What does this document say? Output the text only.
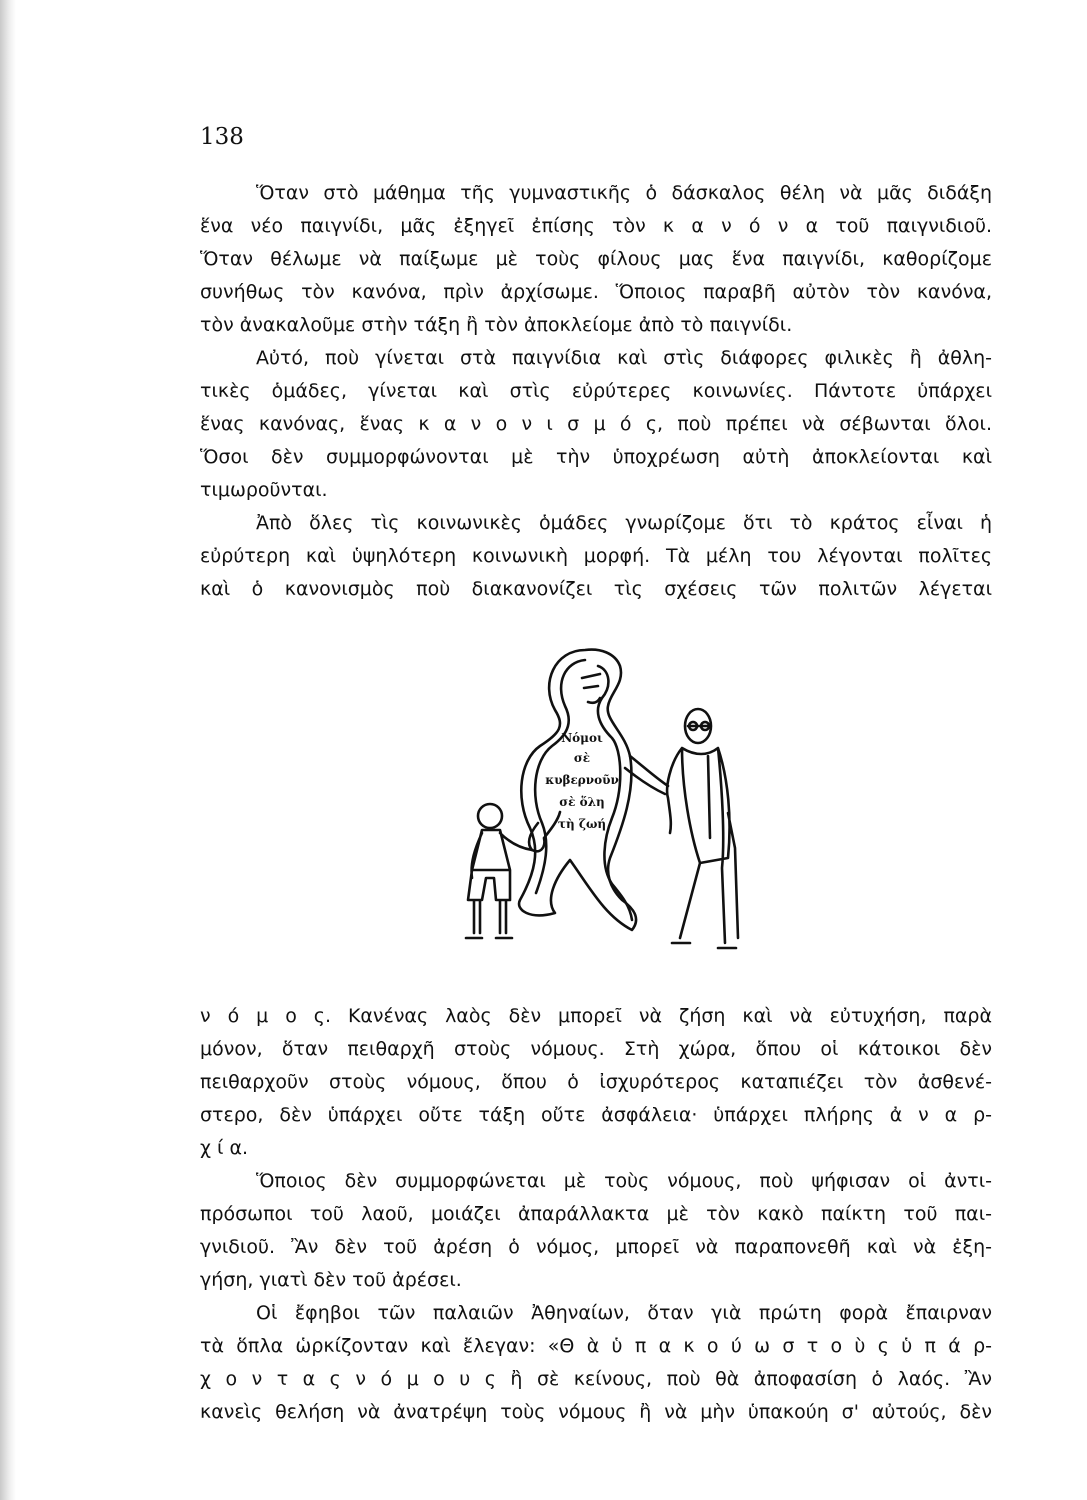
138
Ὅταν στὸ μάθημα τῆς γυμναστικῆς ὁ δάσκαλος θέλη νὰ μᾶς διδάξη
ἕνα νέο παιγνίδι, μᾶς ἐξηγεῖ ἐπίσης τὸν κ α ν ό ν α τοῦ παιγνιδιοῦ.
Ὅταν θέλωμε νὰ παίξωμε μὲ τοὺς φίλους μας ἕνα παιγνίδι, καθορίζομε
συνήθως τὸν κανόνα, πρὶν ἀρχίσωμε. Ὅποιος παραβῆ αὐτὸν τὸν κανόνα,
τὸν ἀνακαλοῦμε στὴν τάξη ἢ τὸν ἀποκλείομε ἀπὸ τὸ παιγνίδι.
Αὐτό, ποὺ γίνεται στὰ παιγνίδια καὶ στὶς διάφορες φιλικὲς ἢ ἀθλη-
τικὲς ὁμάδες, γίνεται καὶ στὶς εὐρύτερες κοινωνίες. Πάντοτε ὑπάρχει
ἕνας κανόνας, ἕνας κ α ν ο ν ι σ μ ό ς, ποὺ πρέπει νὰ σέβωνται ὅλοι.
Ὅσοι δὲν συμμορφώνονται μὲ τὴν ὑποχρέωση αὐτὴ ἀποκλείονται καὶ
τιμωροῦνται.
Ἀπὸ ὅλες τὶς κοινωνικὲς ὁμάδες γνωρίζομε ὅτι τὸ κράτος εἶναι ἡ
εὐρύτερη καὶ ὑψηλότερη κοινωνικὴ μορφή. Τὰ μέλη του λέγονται πολῖτες
καὶ ὁ κανονισμὸς ποὺ διακανονίζει τὶς σχέσεις τῶν πολιτῶν λέγεται
Νόμοι
σὲ
κυβερνοῦν
σὲ ὅλη
τὴ ζωή
ν ό μ ο ς. Κανένας λαὸς δὲν μπορεῖ νὰ ζήση καὶ νὰ εὐτυχήση, παρὰ
μόνον, ὅταν πειθαρχῆ στοὺς νόμους. Στὴ χώρα, ὅπου οἱ κάτοικοι δὲν
πειθαρχοῦν στοὺς νόμους, ὅπου ὁ ἰσχυρότερος καταπιέζει τὸν ἀσθενέ-
στερο, δὲν ὑπάρχει οὔτε τάξη οὔτε ἀσφάλεια· ὑπάρχει πλήρης ἀ ν α ρ-
χ ί α.
Ὅποιος δὲν συμμορφώνεται μὲ τοὺς νόμους, ποὺ ψήφισαν οἱ ἀντι-
πρόσωποι τοῦ λαοῦ, μοιάζει ἀπαράλλακτα μὲ τὸν κακὸ παίκτη τοῦ παι-
γνιδιοῦ. Ἂν δὲν τοῦ ἀρέση ὁ νόμος, μπορεῖ νὰ παραπονεθῆ καὶ νὰ ἐξη-
γήση, γιατὶ δὲν τοῦ ἀρέσει.
Οἱ ἔφηβοι τῶν παλαιῶν Ἀθηναίων, ὅταν γιὰ πρώτη φορὰ ἔπαιρναν
τὰ ὅπλα ὡρκίζονταν καὶ ἔλεγαν: «Θ ὰ ὑ π α κ ο ύ ω σ τ ο ὺ ς ὑ π ά ρ-
χ ο ν τ α ς ν ό μ ο υ ς ἢ σὲ κείνους, ποὺ θὰ ἀποφασίση ὁ λαός. Ἂν
κανεὶς θελήση νὰ ἀνατρέψη τοὺς νόμους ἢ νὰ μὴν ὑπακούη σ' αὐτούς, δὲν
